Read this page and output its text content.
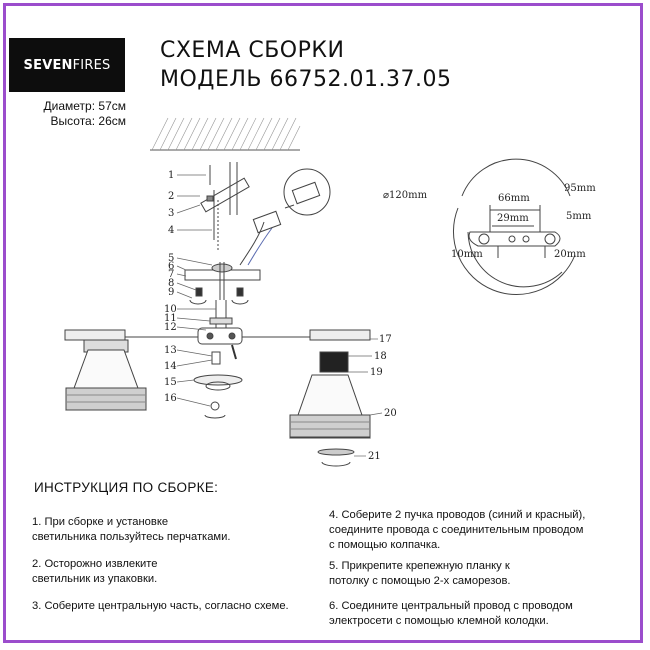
SEVEN FIRES
СХЕМА СБОРКИ
МОДЕЛЬ 66752.01.37.05
Диаметр: 57см
Высота: 26см
1
2
3
4
5
6
7
8
9
10
11
12
13
14
15
16
17
18
19
20
21
⌀120mm	66mm
95mm
29mm	5mm
10mm	20mm
ИНСТРУКЦИЯ ПО СБОРКЕ:
1. При сборке и установке
светильника пользуйтесь перчатками.
2. Осторожно извлеките
светильник из упаковки.
3. Соберите центральную часть, согласно схеме.
4. Соберите 2 пучка проводов (синий и красный),
соедините провода с соединительным проводом
с помощью колпачка.
5. Прикрепите крепежную планку к
потолку с помощью 2-х саморезов.
6. Соедините центральный провод с проводом
электросети с помощью клемной колодки.
